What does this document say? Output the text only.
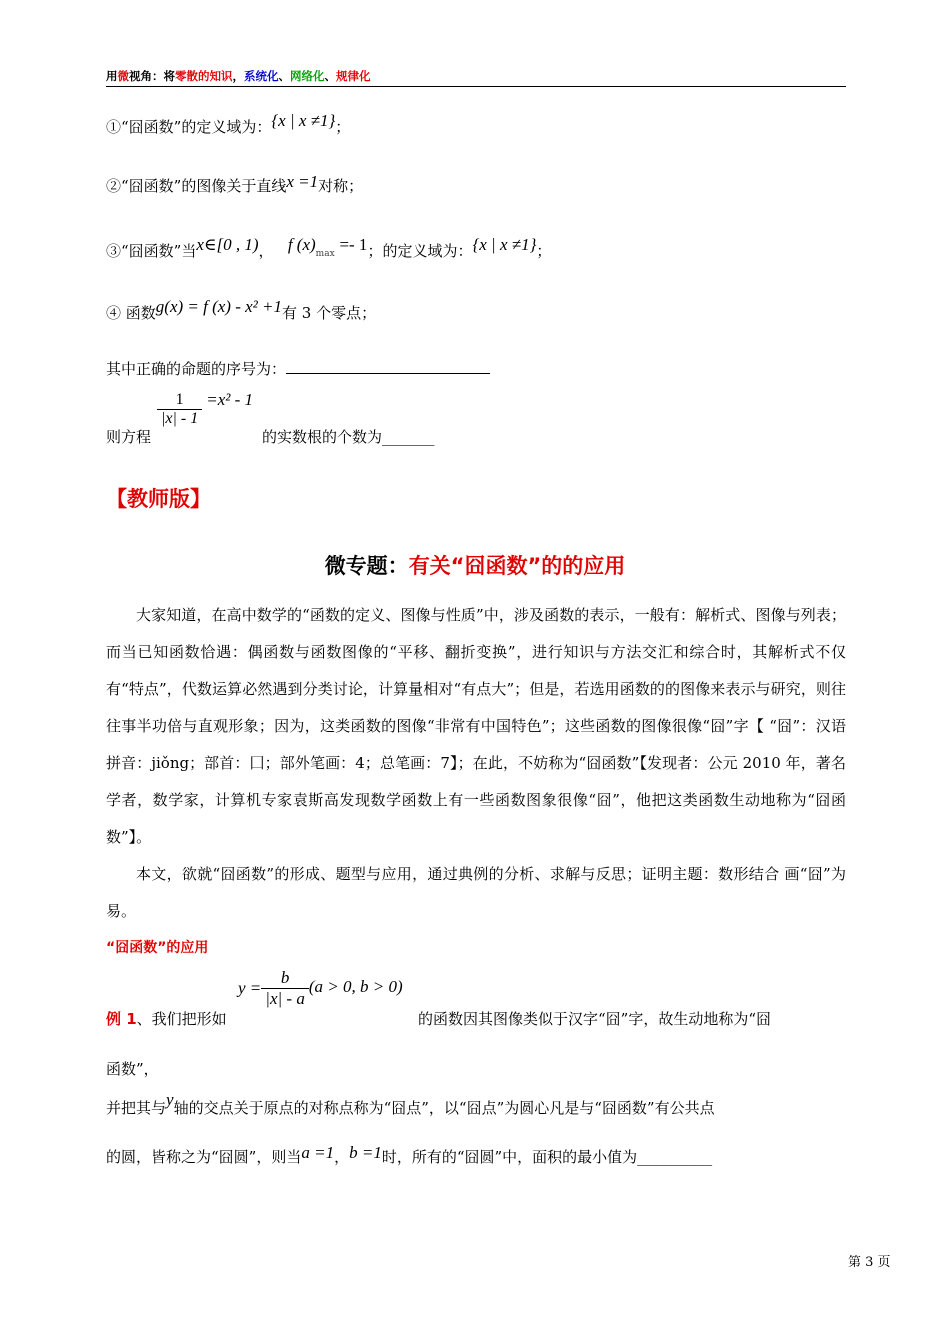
用微视角：将零散的知识，系统化、网络化、规律化
①“囧函数”的定义域为：{x | x ≠1}；
②“囧函数”的图像关于直线x =1对称；
③“囧函数”当x∈[0 , 1)， f (x)max =- 1；的定义域为：{x | x ≠1}；
④ 函数g(x) = f (x) - x² +1有 3 个零点；
其中正确的命题的序号为：
则方程
$\frac{1}{|x| - 1} =x^2 - 1$
的实数根的个数为_______
【教师版】
微专题：有关“囧函数”的的应用

大家知道，在高中数学的“函数的定义、图像与性质”中，涉及函数的表示，一般有：解析式、图像与列表；而当已知函数恰遇：偶函数与函数图像的“平移、翻折变换”，进行知识与方法交汇和综合时，其解析式不仅有“特点”，代数运算必然遇到分类讨论，计算量相对“有点大”；但是，若选用函数的的图像来表示与研究，则往往事半功倍与直观形象；因为，这类函数的图像“非常有中国特色”；这些函数的图像很像“囧”字【 “囧”：汉语拼音：jiǒng；部首：囗；部外笔画：4；总笔画：7】；在此，不妨称为“囧函数”【发现者：公元 2010 年，著名学者，数学家，计算机专家袁斯高发现数学函数上有一些函数图象很像“囧”，他把这类函数生动地称为“囧函数”】。

本文，欲就“囧函数”的形成、题型与应用，通过典例的分析、求解与反思；证明主题：数形结合 画“囧”为易。

“囧函数”的应用
例 1、我们把形如
$y = \frac{b}{|x| - a} (a > 0$, b > 0)
的函数因其图像类似于汉字“囧”字，故生动地称为“囧
函数”，
并把其与y轴的交点关于原点的对称点称为“囧点”，以“囧点”为圆心凡是与“囧函数”有公共点
的圆，皆称之为“囧圆”，则当a =1，b =1时，所有的“囧圆”中，面积的最小值为__________
第 3 页
